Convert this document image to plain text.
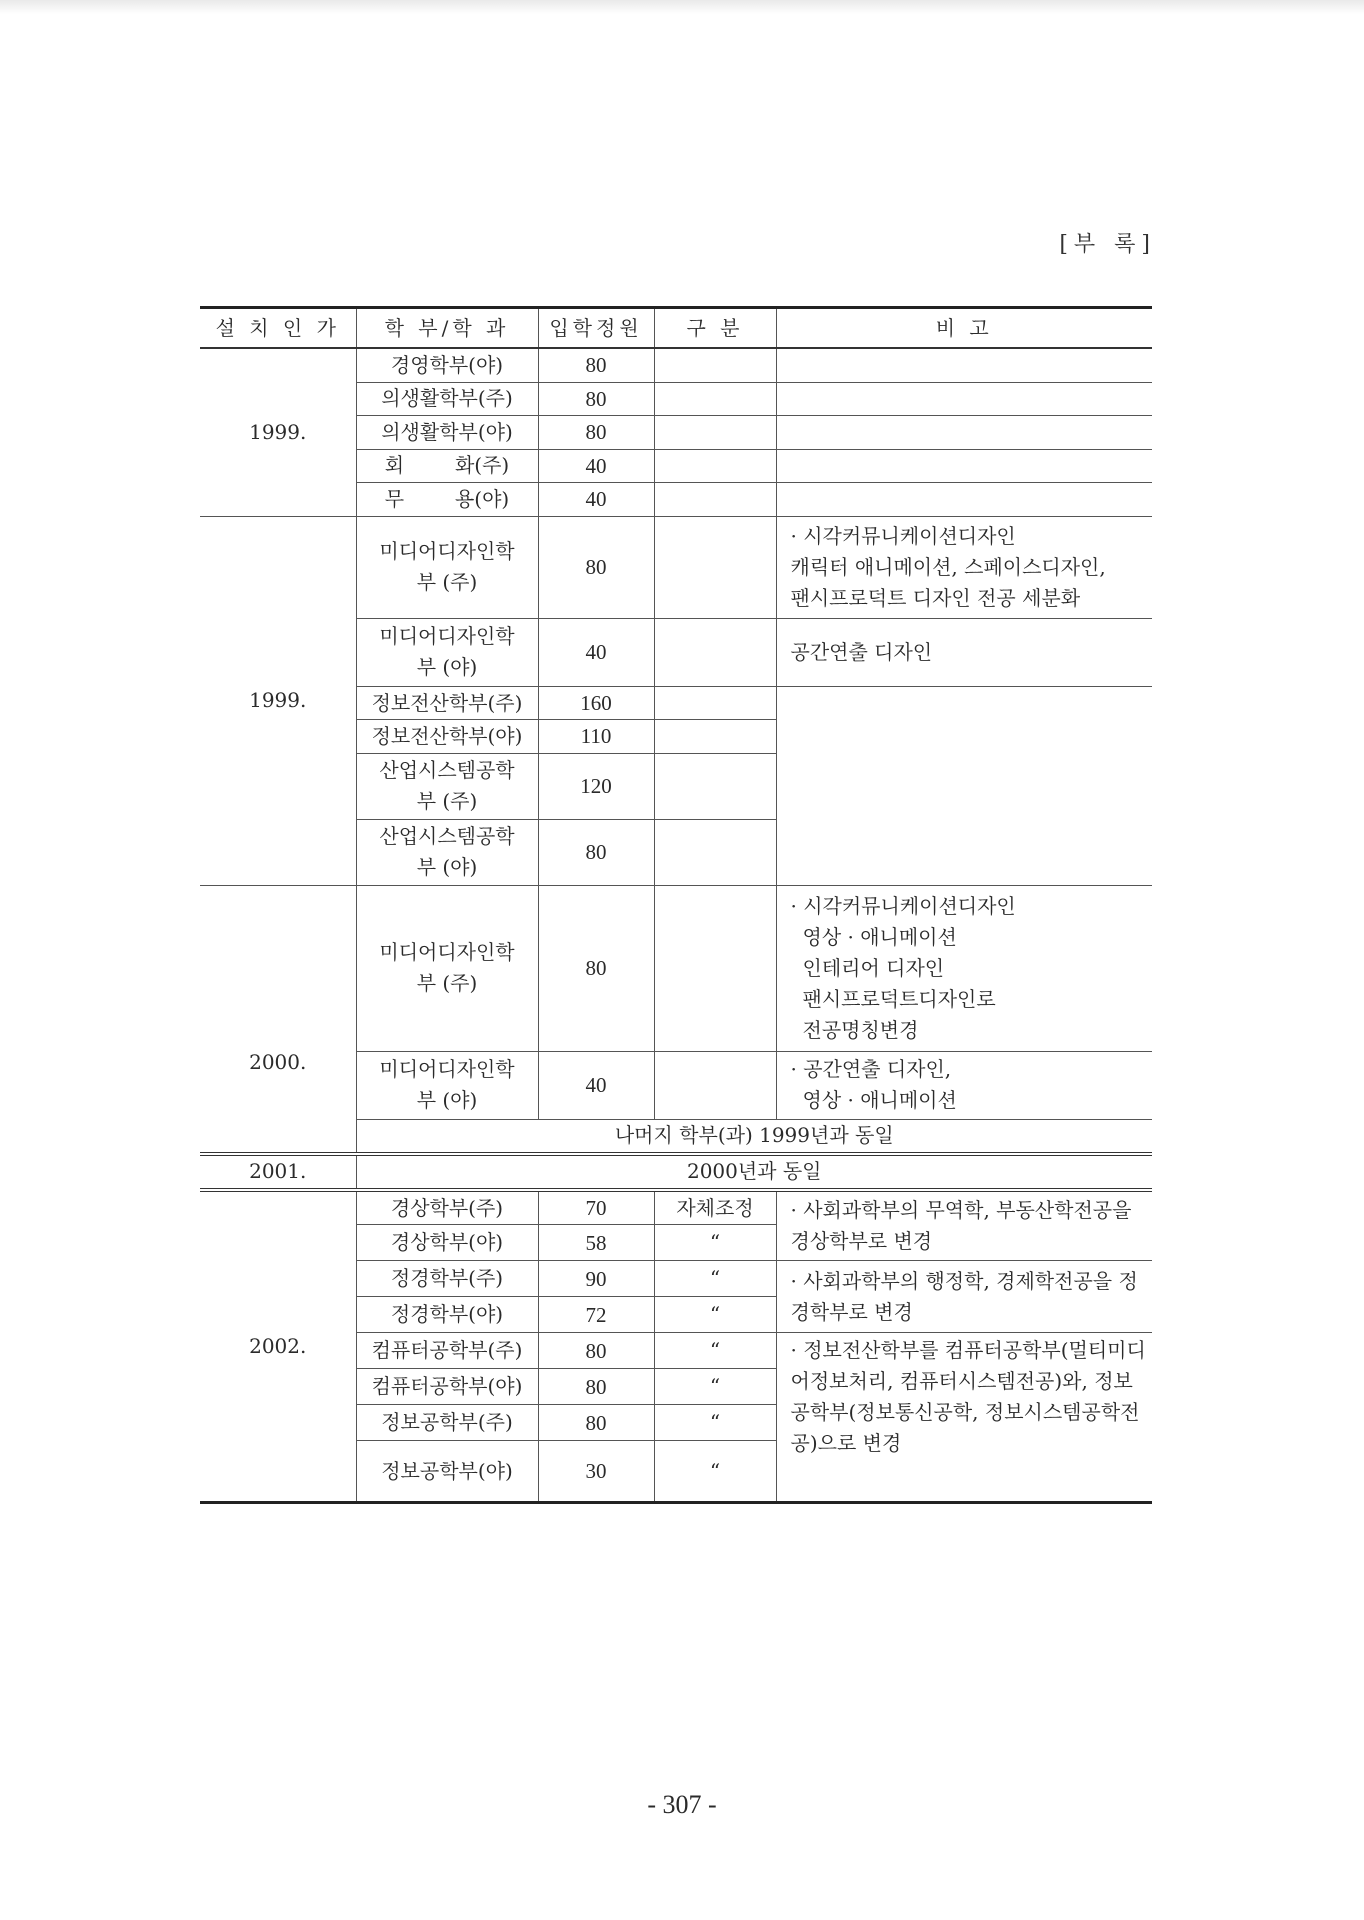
[부 록]
설 치 인 가	학 부/학 과	입학정원	구 분	비 고
1999.	경영학부(야)	80		
	의생활학부(주)	80		
	의생활학부(야)	80		
	회        화(주)	40		
	무        용(야)	40		
1999.	미디어디자인학부 (주)	80		· 시각커뮤니케이션디자인
캐릭터 애니메이션, 스페이스디자인,
팬시프로덕트 디자인 전공 세분화

	미디어디자인학부 (야)	40		공간연출 디자인
	정보전산학부(주)	160		
	정보전산학부(야)	110		
	산업시스템공학부 (주)	120		
	산업시스템공학부 (야)	80		
2000.	미디어디자인학부 (주)	80		· 시각커뮤니케이션디자인
영상 · 애니메이션
인테리어 디자인
팬시프로덕트디자인로
전공명칭변경

	미디어디자인학부 (야)	40		· 공간연출 디자인,
영상 · 애니메이션

	나머지 학부(과) 1999년과 동일			
2001.	2000년과 동일			
2002.	경상학부(주)	70	자체조정	· 사회과학부의 무역학, 부동산학전공을 경상학부로 변경
	경상학부(야)	58	“	
	정경학부(주)	90	“	· 사회과학부의 행정학, 경제학전공을 정경학부로 변경
	정경학부(야)	72	“	
	컴퓨터공학부(주)	80	“	· 정보전산학부를 컴퓨터공학부(멀티미디어정보처리, 컴퓨터시스템전공)와, 정보공학부(정보통신공학, 정보시스템공학전공)으로 변경
	컴퓨터공학부(야)	80	“	
	정보공학부(주)	80	“	
	정보공학부(야)	30	“	
- 307 -
